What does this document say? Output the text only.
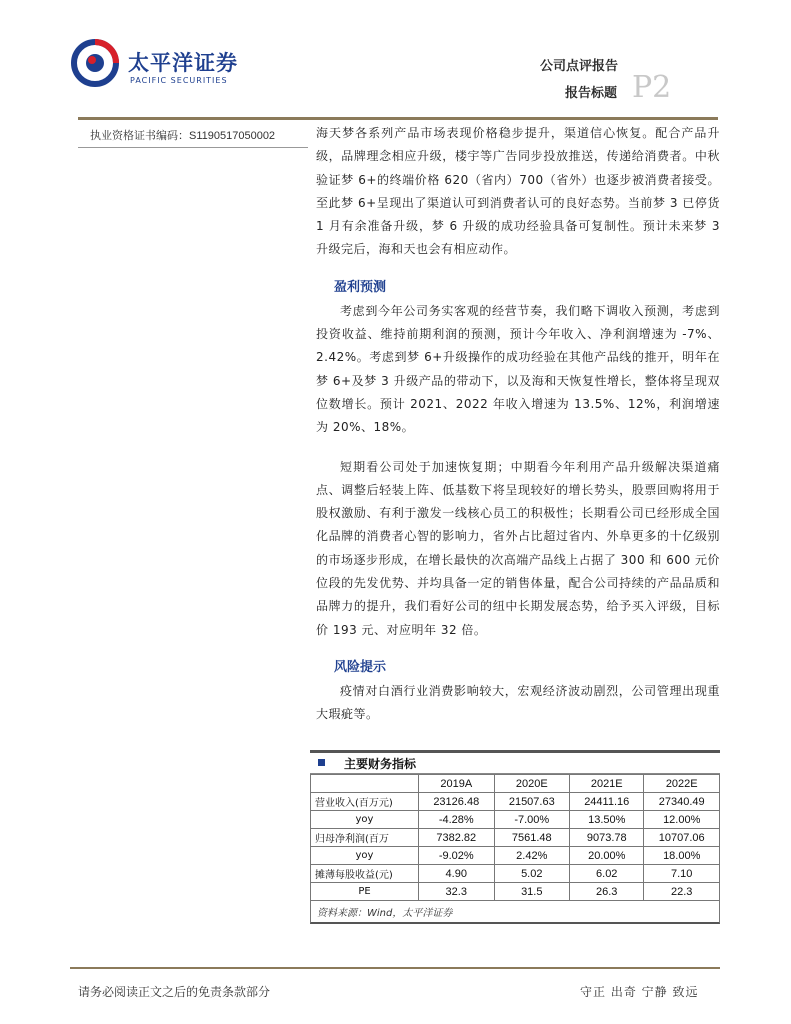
太平洋证券
PACIFIC SECURITIES
公司点评报告
报告标题 P2
执业资格证书编码：S1190517050002	海天梦各系列产品市场表现价格稳步提升，渠道信心恢复。配合产品升级，品牌理念相应升级，楼宇等广告同步投放推送，传递给消费者。中秋验证梦 6+的终端价格 620（省内）700（省外）也逐步被消费者接受。至此梦 6+呈现出了渠道认可到消费者认可的良好态势。当前梦 3 已停货 1 月有余准备升级，梦 6 升级的成功经验具备可复制性。预计未来梦 3 升级完后，海和天也会有相应动作。

盈利预测

考虑到今年公司务实客观的经营节奏，我们略下调收入预测，考虑到投资收益、维持前期利润的预测，预计今年收入、净利润增速为 -7%、2.42%。考虑到梦 6+升级操作的成功经验在其他产品线的推开，明年在梦 6+及梦 3 升级产品的带动下，以及海和天恢复性增长，整体将呈现双位数增长。预计 2021、2022 年收入增速为 13.5%、12%，利润增速为 20%、18%。

短期看公司处于加速恢复期；中期看今年利用产品升级解决渠道痛点、调整后轻装上阵、低基数下将呈现较好的增长势头，股票回购将用于股权激励、有利于激发一线核心员工的积极性；长期看公司已经形成全国化品牌的消费者心智的影响力，省外占比超过省内、外阜更多的十亿级别的市场逐步形成，在增长最快的次高端产品线上占据了 300 和 600 元价位段的先发优势、并均具备一定的销售体量，配合公司持续的产品品质和品牌力的提升，我们看好公司的纽中长期发展态势，给予买入评级，目标价 193 元、对应明年 32 倍。

风险提示

疫情对白酒行业消费影响较大，宏观经济波动剧烈，公司管理出现重大瑕疵等。

主要财务指标
	2019A	2020E	2021E	2022E
营业收入(百万元)	23126.48	21507.63	24411.16	27340.49
yoy	-4.28%	-7.00%	13.50%	12.00%
归母净利润(百万	7382.82	7561.48	9073.78	10707.06
yoy	-9.02%	2.42%	20.00%	18.00%
摊薄每股收益(元)	4.90	5.02	6.02	7.10
PE	32.3	31.5	26.3	22.3
资料来源：Wind，太平洋证券
请务必阅读正文之后的免责条款部分	守正 出奇 宁静 致远
